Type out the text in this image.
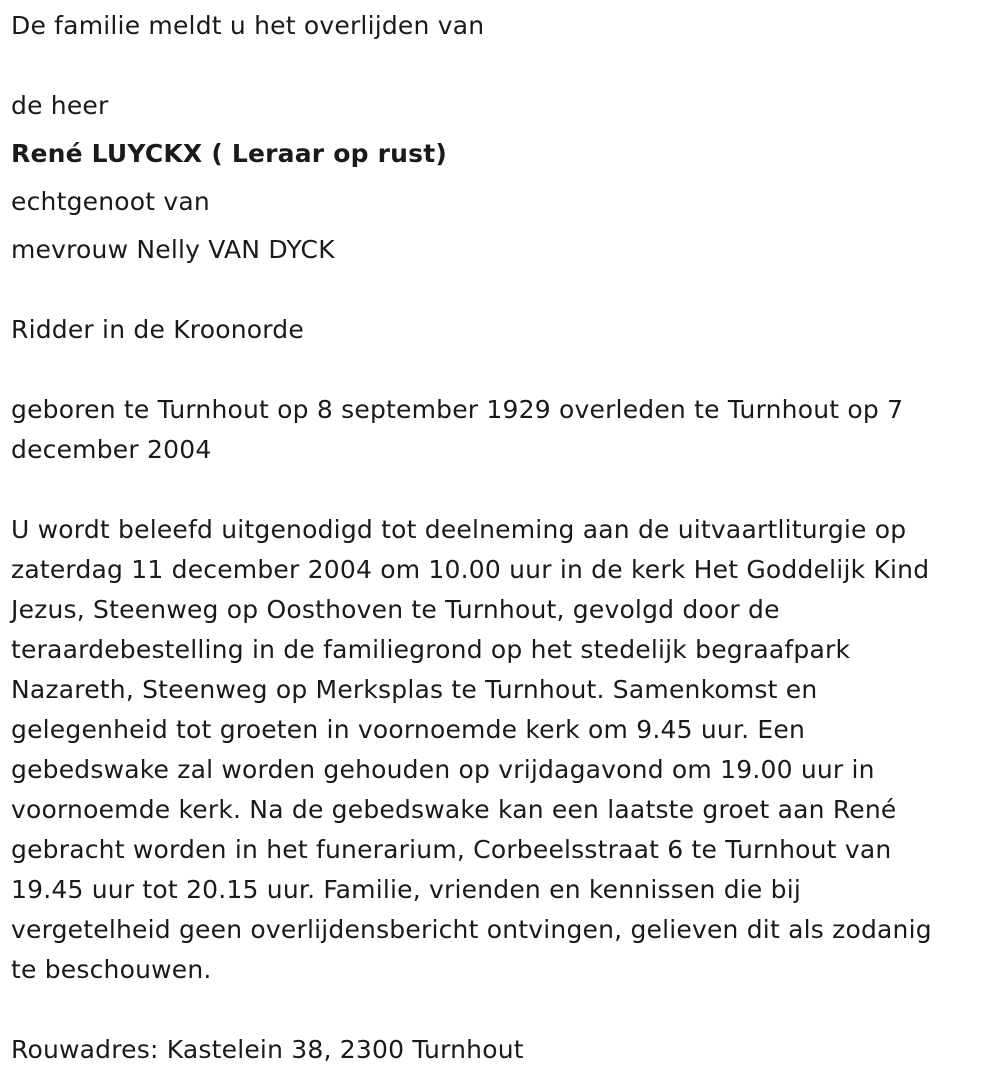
De familie meldt u het overlijden van
de heer
René LUYCKX ( Leraar op rust)
echtgenoot van
mevrouw Nelly VAN DYCK
Ridder in de Kroonorde
geboren te Turnhout op 8 september 1929 overleden te Turnhout op 7
december 2004
U wordt beleefd uitgenodigd tot deelneming aan de uitvaartliturgie op
zaterdag 11 december 2004 om 10.00 uur in de kerk Het Goddelijk Kind
Jezus, Steenweg op Oosthoven te Turnhout, gevolgd door de
teraardebestelling in de familiegrond op het stedelijk begraafpark
Nazareth, Steenweg op Merksplas te Turnhout. Samenkomst en
gelegenheid tot groeten in voornoemde kerk om 9.45 uur. Een
gebedswake zal worden gehouden op vrijdagavond om 19.00 uur in
voornoemde kerk. Na de gebedswake kan een laatste groet aan René
gebracht worden in het funerarium, Corbeelsstraat 6 te Turnhout van
19.45 uur tot 20.15 uur. Familie, vrienden en kennissen die bij
vergetelheid geen overlijdensbericht ontvingen, gelieven dit als zodanig
te beschouwen.
Rouwadres: Kastelein 38, 2300 Turnhout
